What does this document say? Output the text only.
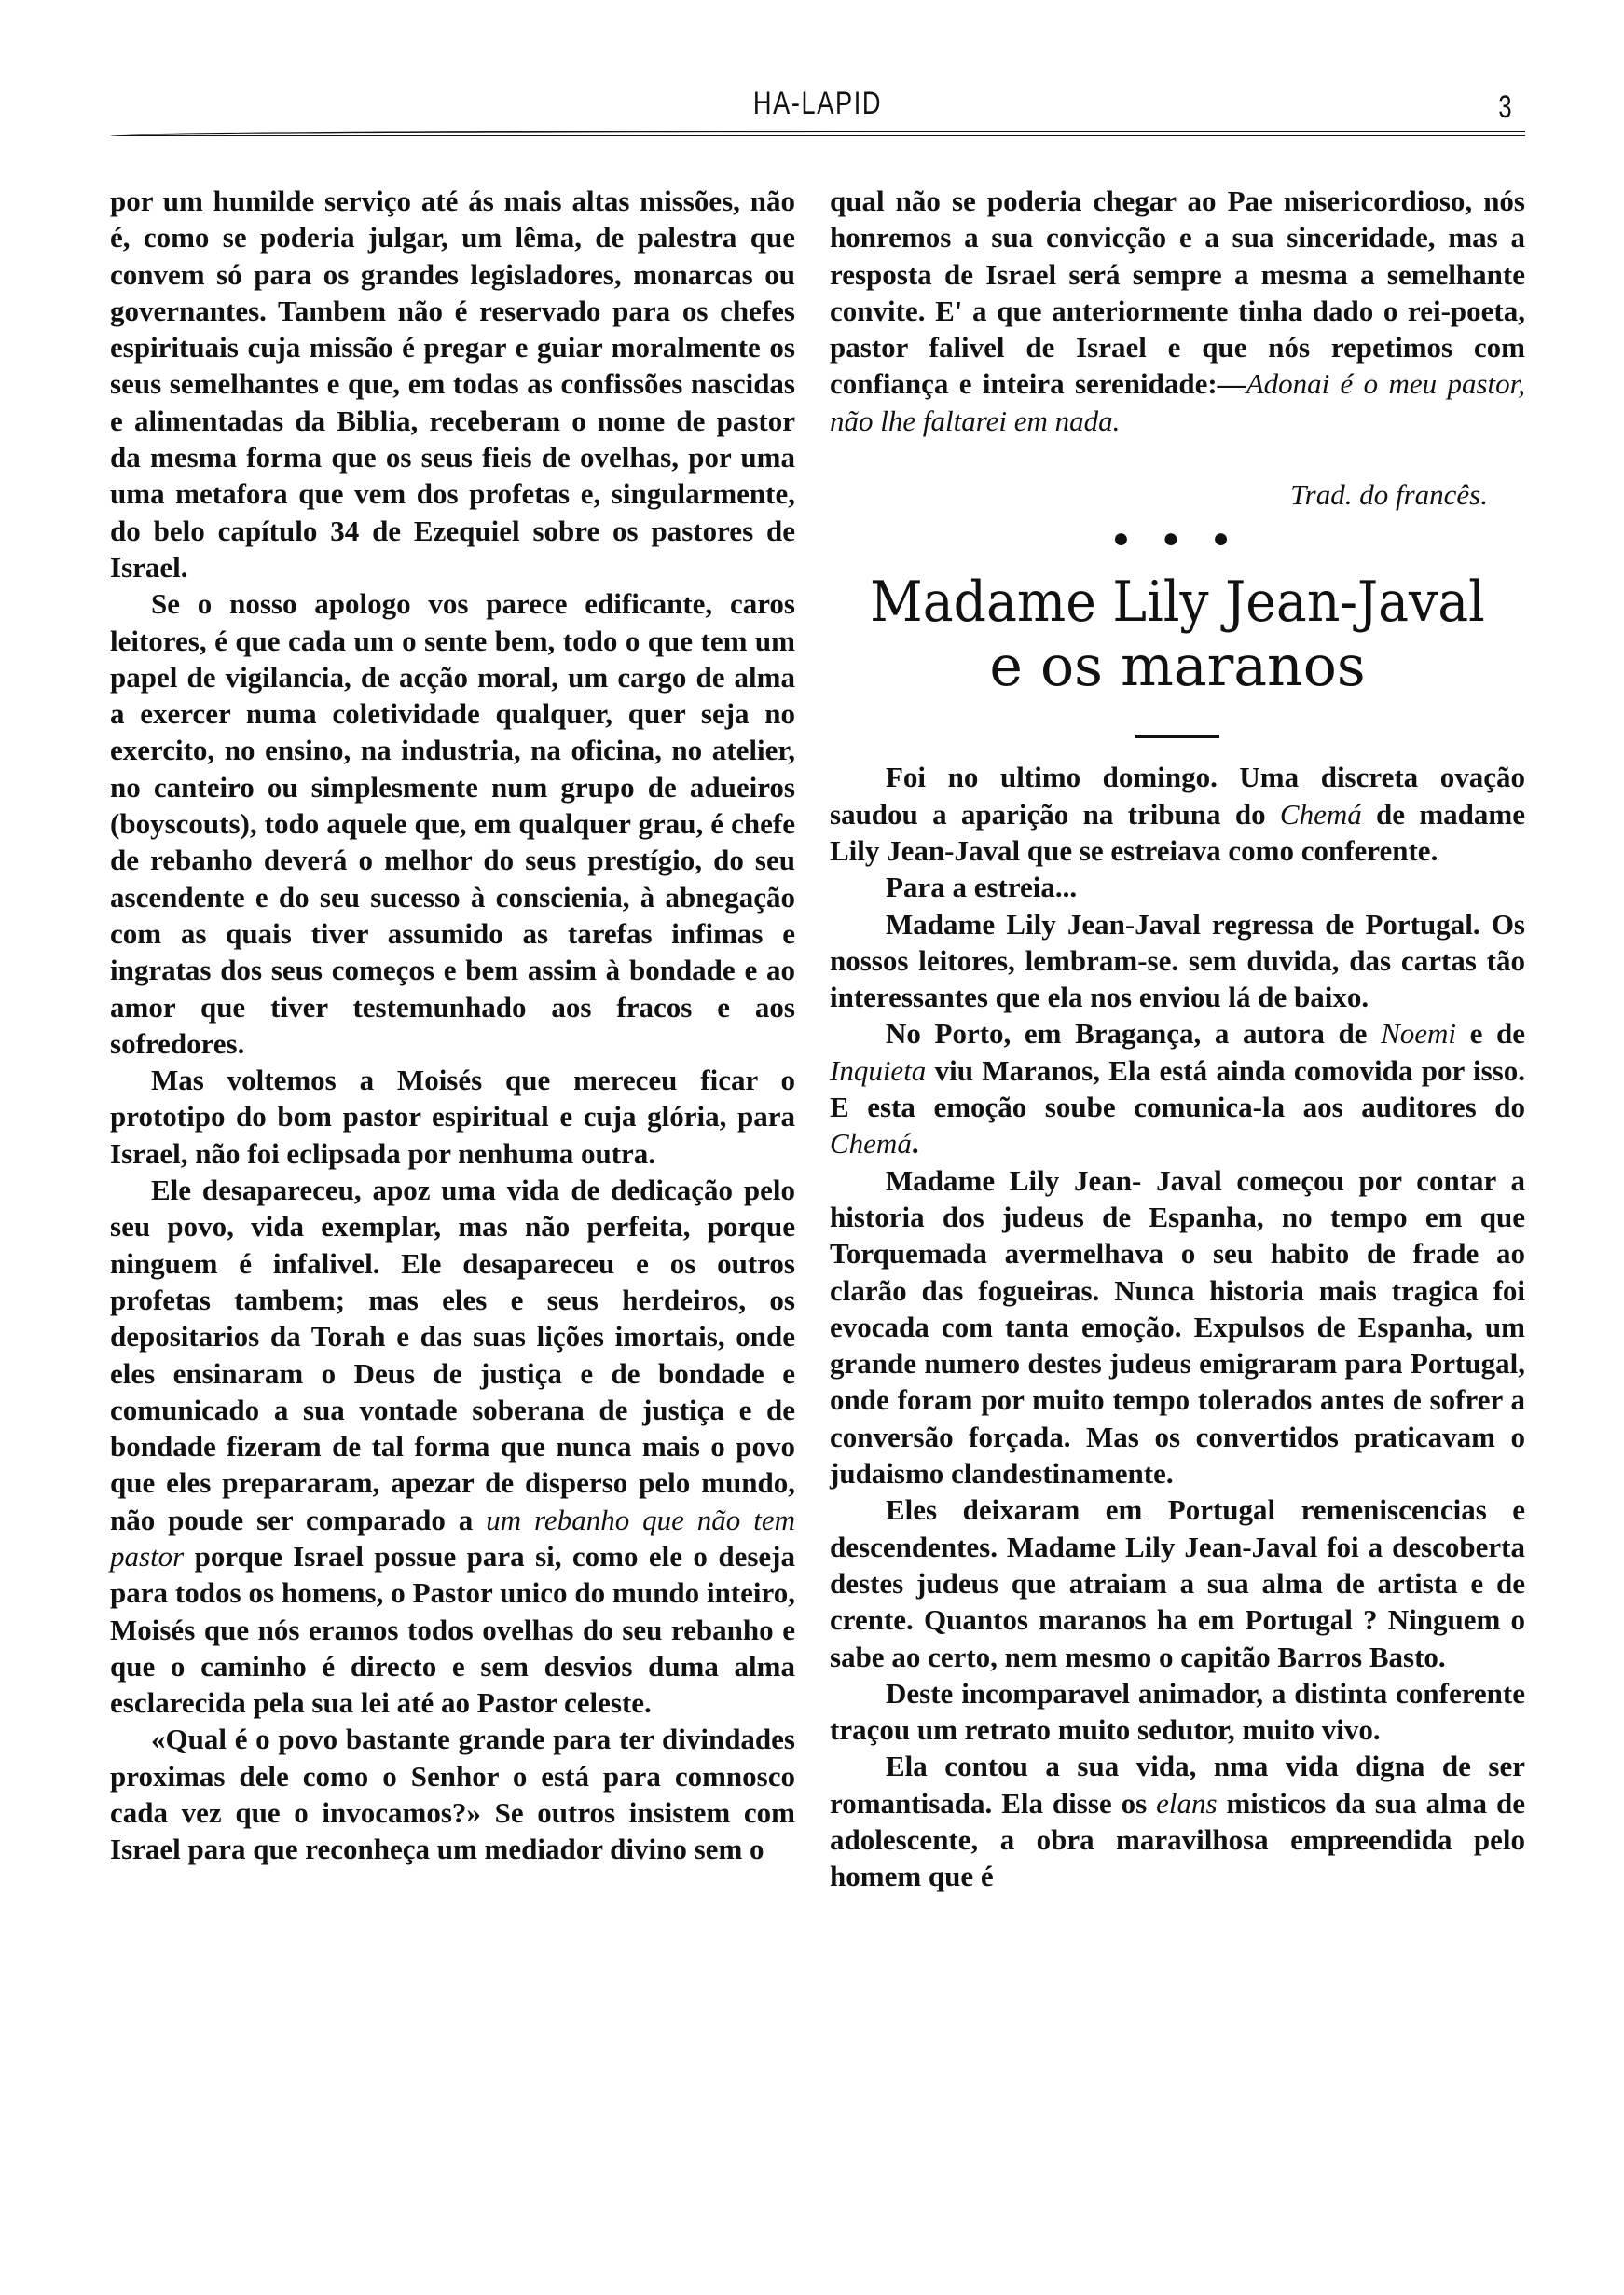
HA-LAPID	3

por um humilde serviço até ás mais altas missões, não é, como se poderia julgar, um lêma, de palestra que convem só para os grandes legisladores, monarcas ou governantes. Tambem não é reservado para os chefes espirituais cuja missão é pregar e guiar moralmente os seus semelhantes e que, em todas as confissões nascidas e alimentadas da Biblia, receberam o nome de pastor da mesma forma que os seus fieis de ovelhas, por uma uma metafora que vem dos profetas e, singularmente, do belo capítulo 34 de Ezequiel sobre os pastores de Israel.

Se o nosso apologo vos parece edificante, caros leitores, é que cada um o sente bem, todo o que tem um papel de vigilancia, de acção moral, um cargo de alma a exercer numa coletividade qualquer, quer seja no exercito, no ensino, na industria, na oficina, no atelier, no canteiro ou simplesmente num grupo de adueiros (boyscouts), todo aquele que, em qualquer grau, é chefe de rebanho deverá o melhor do seus prestígio, do seu ascendente e do seu sucesso à conscienia, à abnegação com as quais tiver assumido as tarefas infimas e ingratas dos seus começos e bem assim à bondade e ao amor que tiver testemunhado aos fracos e aos sofredores.

Mas voltemos a Moisés que mereceu ficar o prototipo do bom pastor espiritual e cuja glória, para Israel, não foi eclipsada por nenhuma outra.

Ele desapareceu, apoz uma vida de dedicação pelo seu povo, vida exemplar, mas não perfeita, porque ninguem é infalivel. Ele desapareceu e os outros profetas tambem; mas eles e seus herdeiros, os depositarios da Torah e das suas lições imortais, onde eles ensinaram o Deus de justiça e de bondade e comunicado a sua vontade soberana de justiça e de bondade fizeram de tal forma que nunca mais o povo que eles prepararam, apezar de disperso pelo mundo, não poude ser comparado a um rebanho que não tem pastor porque Israel possue para si, como ele o deseja para todos os homens, o Pastor unico do mundo inteiro, Moisés que nós eramos todos ovelhas do seu rebanho e que o caminho é directo e sem desvios duma alma esclarecida pela sua lei até ao Pastor celeste.

«Qual é o povo bastante grande para ter divindades proximas dele como o Senhor o está para comnosco cada vez que o invocamos?» Se outros insistem com Israel para que reconheça um mediador divino sem o

qual não se poderia chegar ao Pae misericordioso, nós honremos a sua convicção e a sua sinceridade, mas a resposta de Israel será sempre a mesma a semelhante convite. E' a que anteriormente tinha dado o rei-poeta, pastor falivel de Israel e que nós repetimos com confiança e inteira serenidade:—Adonai é o meu pastor, não lhe faltarei em nada.

Trad. do francês.

● ● ●

Madame Lily Jean-Javal
e os maranos

Foi no ultimo domingo. Uma discreta ovação saudou a aparição na tribuna do Chemá de madame Lily Jean-Javal que se estreiava como conferente.

Para a estreia...

Madame Lily Jean-Javal regressa de Portugal. Os nossos leitores, lembram-se. sem duvida, das cartas tão interessantes que ela nos enviou lá de baixo.

No Porto, em Bragança, a autora de Noemi e de Inquieta viu Maranos, Ela está ainda comovida por isso. E esta emoção soube comunica-la aos auditores do Chemá.

Madame Lily Jean- Javal começou por contar a historia dos judeus de Espanha, no tempo em que Torquemada avermelhava o seu habito de frade ao clarão das fogueiras. Nunca historia mais tragica foi evocada com tanta emoção. Expulsos de Espanha, um grande numero destes judeus emigraram para Portugal, onde foram por muito tempo tolerados antes de sofrer a conversão forçada. Mas os convertidos praticavam o judaismo clandestinamente.

Eles deixaram em Portugal remeniscencias e descendentes. Madame Lily Jean-Javal foi a descoberta destes judeus que atraiam a sua alma de artista e de crente. Quantos maranos ha em Portugal ? Ninguem o sabe ao certo, nem mesmo o capitão Barros Basto.

Deste incomparavel animador, a distinta conferente traçou um retrato muito sedutor, muito vivo.

Ela contou a sua vida, nma vida digna de ser romantisada. Ela disse os elans misticos da sua alma de adolescente, a obra maravilhosa empreendida pelo homem que é
